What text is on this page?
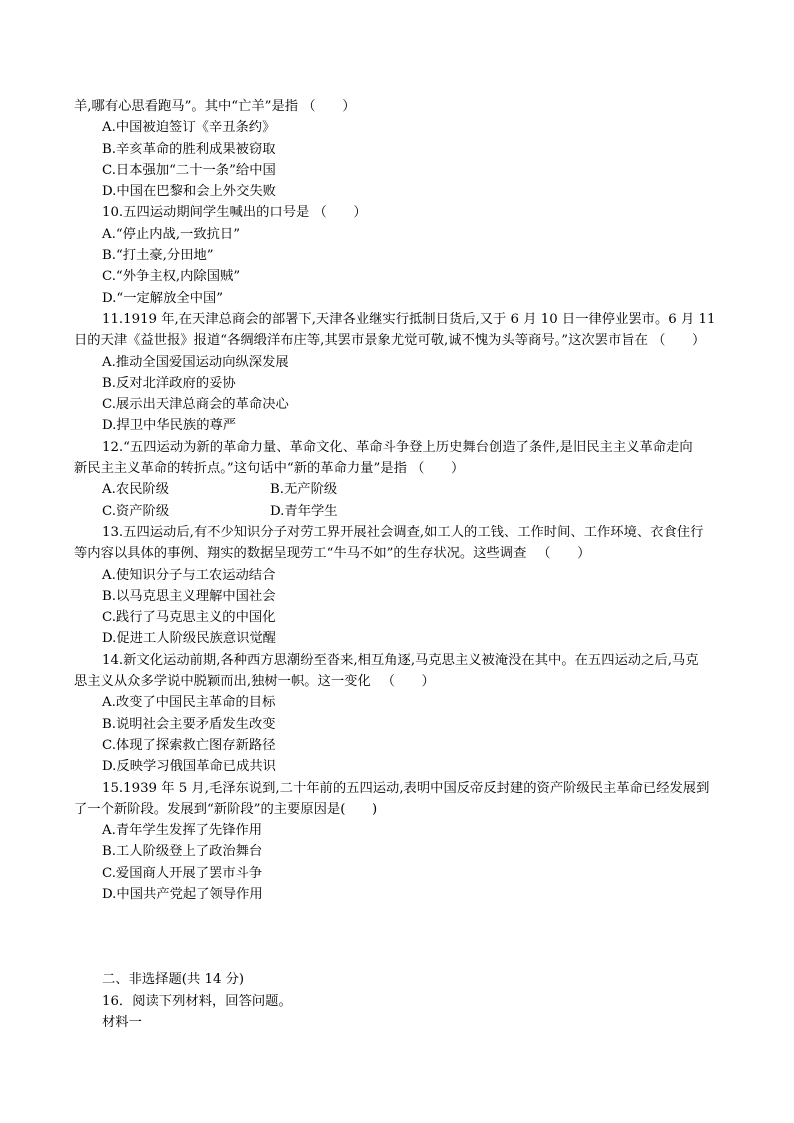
羊,哪有心思看跑马”。其中“亡羊”是指 （　　）
A.中国被迫签订《辛丑条约》
B.辛亥革命的胜利成果被窃取
C.日本强加“二十一条”给中国
D.中国在巴黎和会上外交失败
10.五四运动期间学生喊出的口号是 （　　）
A.“停止内战,一致抗日”
B.“打土豪,分田地”
C.“外争主权,内除国贼”
D.“一定解放全中国”
11.1919 年,在天津总商会的部署下,天津各业继实行抵制日货后,又于 6 月 10 日一律停业罢市。6 月 11
日的天津《益世报》报道“各绸缎洋布庄等,其罢市景象尤觉可敬,诚不愧为头等商号。”这次罢市旨在 （　　）
A.推动全国爱国运动向纵深发展
B.反对北洋政府的妥协
C.展示出天津总商会的革命决心
D.捍卫中华民族的尊严
12.“五四运动为新的革命力量、革命文化、革命斗争登上历史舞台创造了条件,是旧民主主义革命走向
新民主主义革命的转折点。”这句话中“新的革命力量”是指 （　　）
A.农民阶级	B.无产阶级
C.资产阶级	D.青年学生
13.五四运动后,有不少知识分子对劳工界开展社会调查,如工人的工钱、工作时间、工作环境、衣食住行
等内容以具体的事例、翔实的数据呈现劳工“牛马不如”的生存状况。这些调查 　（　　）
A.使知识分子与工农运动结合
B.以马克思主义理解中国社会
C.践行了马克思主义的中国化
D.促进工人阶级民族意识觉醒
14.新文化运动前期,各种西方思潮纷至沓来,相互角逐,马克思主义被淹没在其中。在五四运动之后,马克
思主义从众多学说中脱颖而出,独树一帜。这一变化 　（　　）
A.改变了中国民主革命的目标
B.说明社会主要矛盾发生改变
C.体现了探索救亡图存新路径
D.反映学习俄国革命已成共识
15.1939 年 5 月,毛泽东说到,二十年前的五四运动,表明中国反帝反封建的资产阶级民主革命已经发展到
了一个新阶段。发展到“新阶段”的主要原因是(　　)
A.青年学生发挥了先锋作用
B.工人阶级登上了政治舞台
C.爱国商人开展了罢市斗争
D.中国共产党起了领导作用
二、非选择题(共 14 分)
16．阅读下列材料，回答问题。
材料一
